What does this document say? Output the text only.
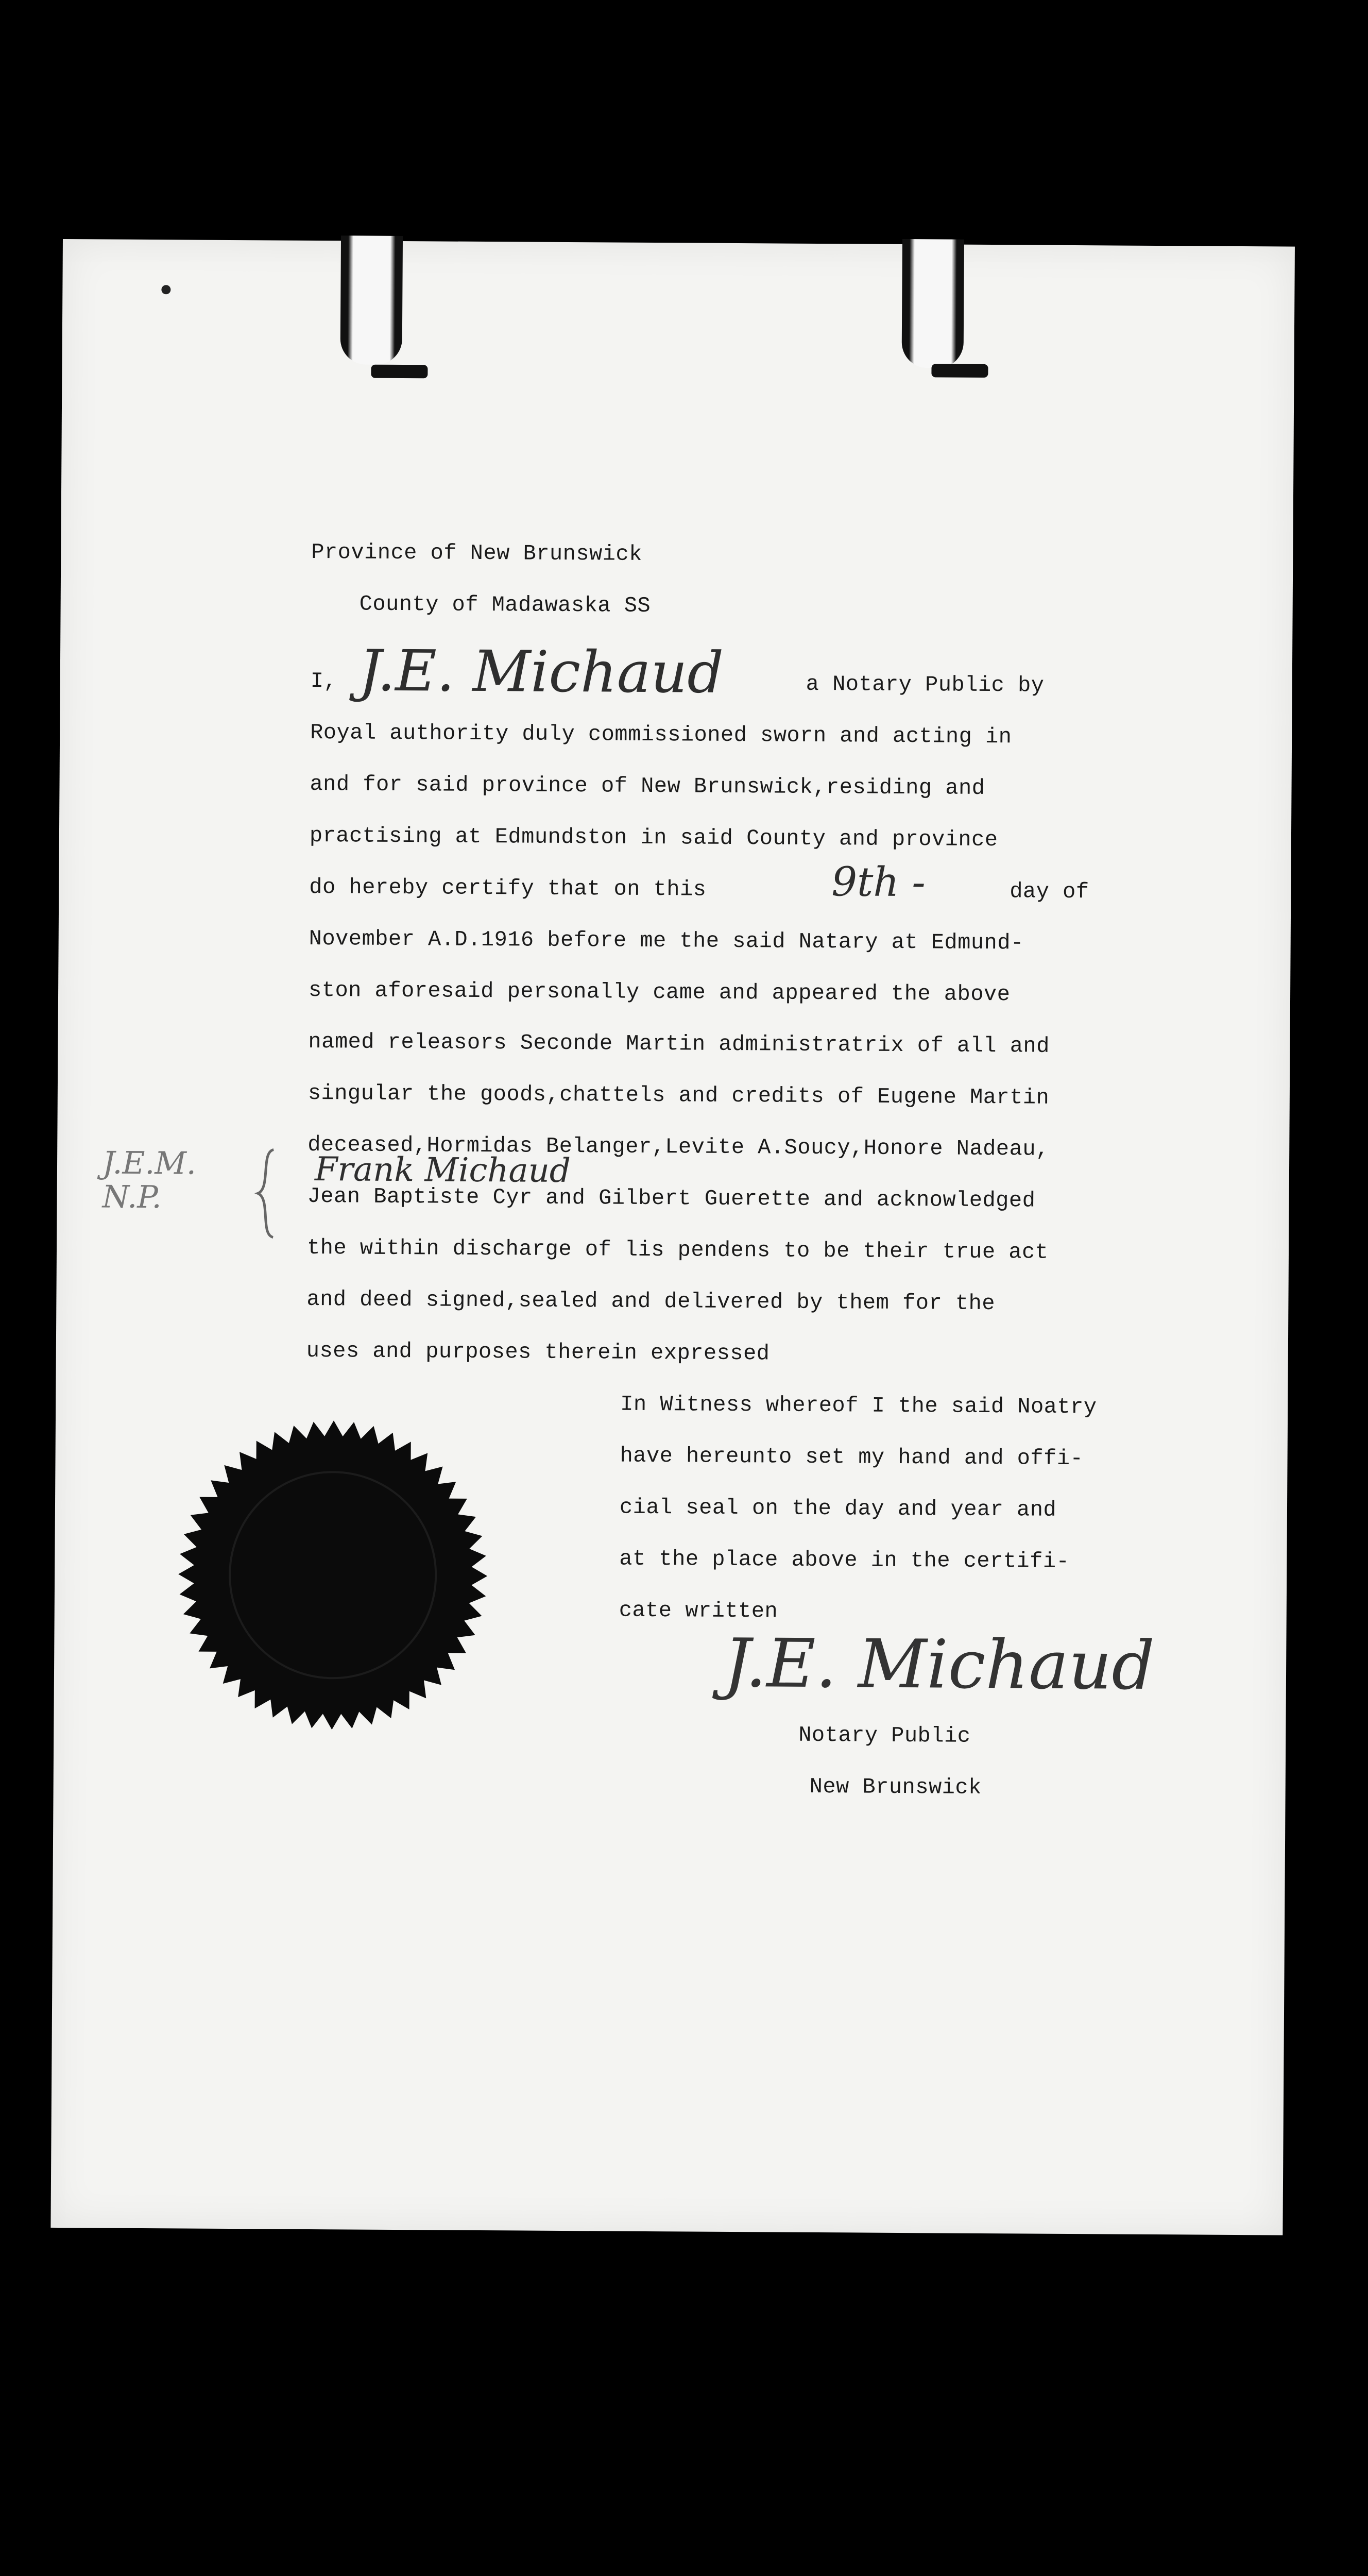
Province of New Brunswick
County of Madawaska SS
I, J.E. Michaud	a Notary Public by
Royal authority duly commissioned sworn and acting in
and for said province of New Brunswick,residing and
practising at Edmundston in said County and province
do hereby certify that on this	9th -	day of
November A.D.1916 before me the said Natary at Edmund-
ston aforesaid personally came and appeared the above
named releasors Seconde Martin administratrix of all and
singular the goods,chattels and credits of Eugene Martin
deceased,Hormidas Belanger,Levite A.Soucy,Honore Nadeau,
Frank Michaud
Jean Baptiste Cyr and Gilbert Guerette and acknowledged
J.E.M. N.P.
the within discharge of lis pendens to be their true act
and deed signed,sealed and delivered by them for the
uses and purposes therein expressed
In Witness whereof I the said Noatry
have hereunto set my hand and offi-
cial seal on the day and year and
at the place above in the certifi-
cate written
J.E. Michaud
Notary Public
New Brunswick
